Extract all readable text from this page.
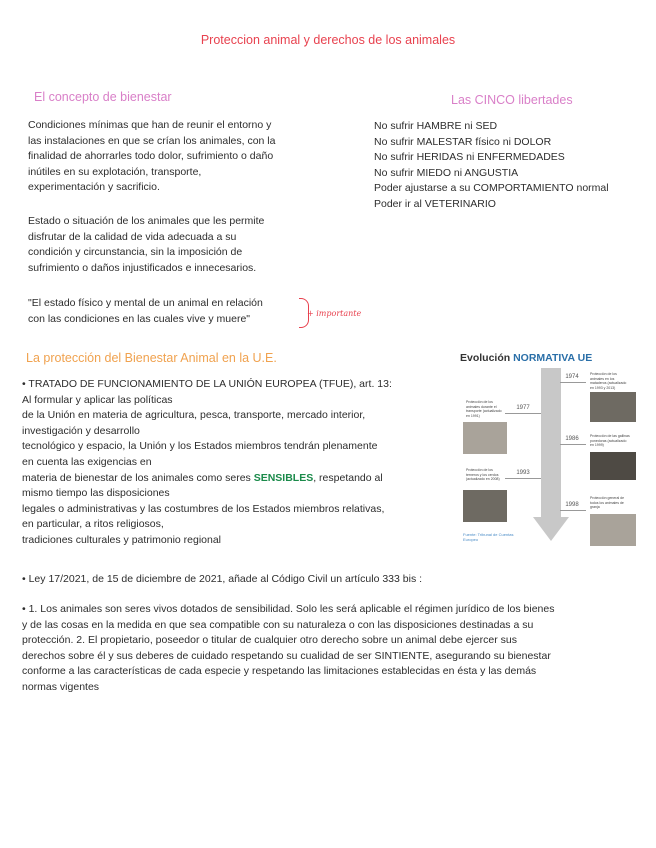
Proteccion animal y derechos de los animales
El concepto de bienestar
Condiciones mínimas que han de reunir el entorno y
las instalaciones en que se crían los animales, con la
finalidad de ahorrarles todo dolor, sufrimiento o daño
inútiles en su explotación, transporte,
experimentación y sacrificio.
Estado o situación de los animales que les permite
disfrutar de la calidad de vida adecuada a su
condición y circunstancia, sin la imposición de
sufrimiento o daños injustificados e innecesarios.
"El estado físico y mental de un animal en relación
con las condiciones en las cuales vive y muere"	+ importante
Las CINCO libertades
No sufrir HAMBRE ni SED
No sufrir MALESTAR físico ni DOLOR
No sufrir HERIDAS ni ENFERMEDADES
No sufrir MIEDO ni ANGUSTIA
Poder ajustarse a su COMPORTAMIENTO normal
Poder ir al VETERINARIO
La protección del Bienestar Animal en la U.E.
• TRATADO DE FUNCIONAMIENTO DE LA UNIÓN EUROPEA (TFUE), art. 13:
Al formular y aplicar las políticas
de la Unión en materia de agricultura, pesca, transporte, mercado interior,
investigación y desarrollo
tecnológico y espacio, la Unión y los Estados miembros tendrán plenamente
en cuenta las exigencias en
materia de bienestar de los animales como seres SENSIBLES, respetando al
mismo tiempo las disposiciones
legales o administrativas y las costumbres de los Estados miembros relativas,
en particular, a ritos religiosos,
tradiciones culturales y patrimonio regional
Evolución NORMATIVA UE
1974	Protección de los animales en los mataderos (actualizado en 1993 y 2013)
1977
Protección de los animales durante el transporte (actualizado en 1991)
1986	Protección de las gallinas ponedoras (actualizado en 1999)
1993
Protección de los terneros y los cerdos (actualizado en 2008)
1998
Protección general de todos los animales de granja
Fuente: Tribunal de Cuentas Europeo
• Ley 17/2021, de 15 de diciembre de 2021, añade al Código Civil un artículo 333 bis :
• 1. Los animales son seres vivos dotados de sensibilidad. Solo les será aplicable el régimen jurídico de los bienes
y de las cosas en la medida en que sea compatible con su naturaleza o con las disposiciones destinadas a su
protección. 2. El propietario, poseedor o titular de cualquier otro derecho sobre un animal debe ejercer sus
derechos sobre él y sus deberes de cuidado respetando su cualidad de ser SINTIENTE, asegurando su bienestar
conforme a las características de cada especie y respetando las limitaciones establecidas en ésta y las demás
normas vigentes
